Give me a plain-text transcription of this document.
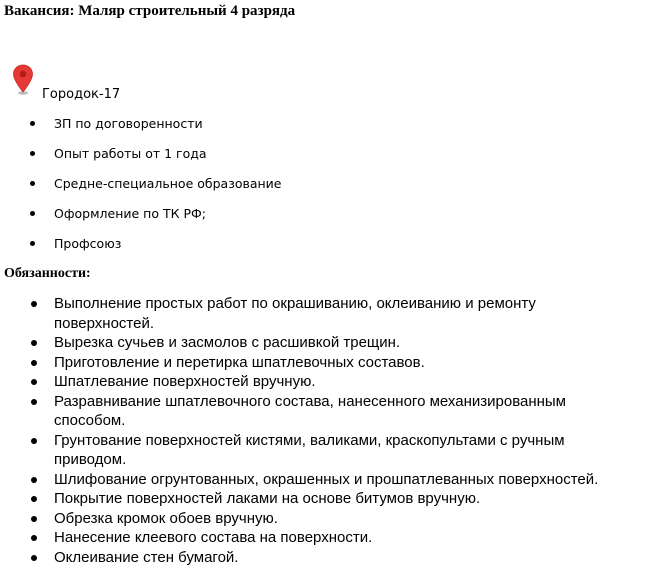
Вакансия: Маляр строительный 4 разряда
Городок-17
ЗП по договоренности
Опыт работы от 1 года
Средне-специальное образование
Оформление по ТК РФ;
Профсоюз
Обязанности:
Выполнение простых работ по окрашиванию, оклеиванию и ремонту поверхностей.
Вырезка сучьев и засмолов с расшивкой трещин.
Приготовление и перетирка шпатлевочных составов.
Шпатлевание поверхностей вручную.
Разравнивание шпатлевочного состава, нанесенного механизированным способом.
Грунтование поверхностей кистями, валиками, краскопультами с ручным приводом.
Шлифование огрунтованных, окрашенных и прошпатлеванных поверхностей.
Покрытие поверхностей лаками на основе битумов вручную.
Обрезка кромок обоев вручную.
Нанесение клеевого состава на поверхности.
Оклеивание стен бумагой.
